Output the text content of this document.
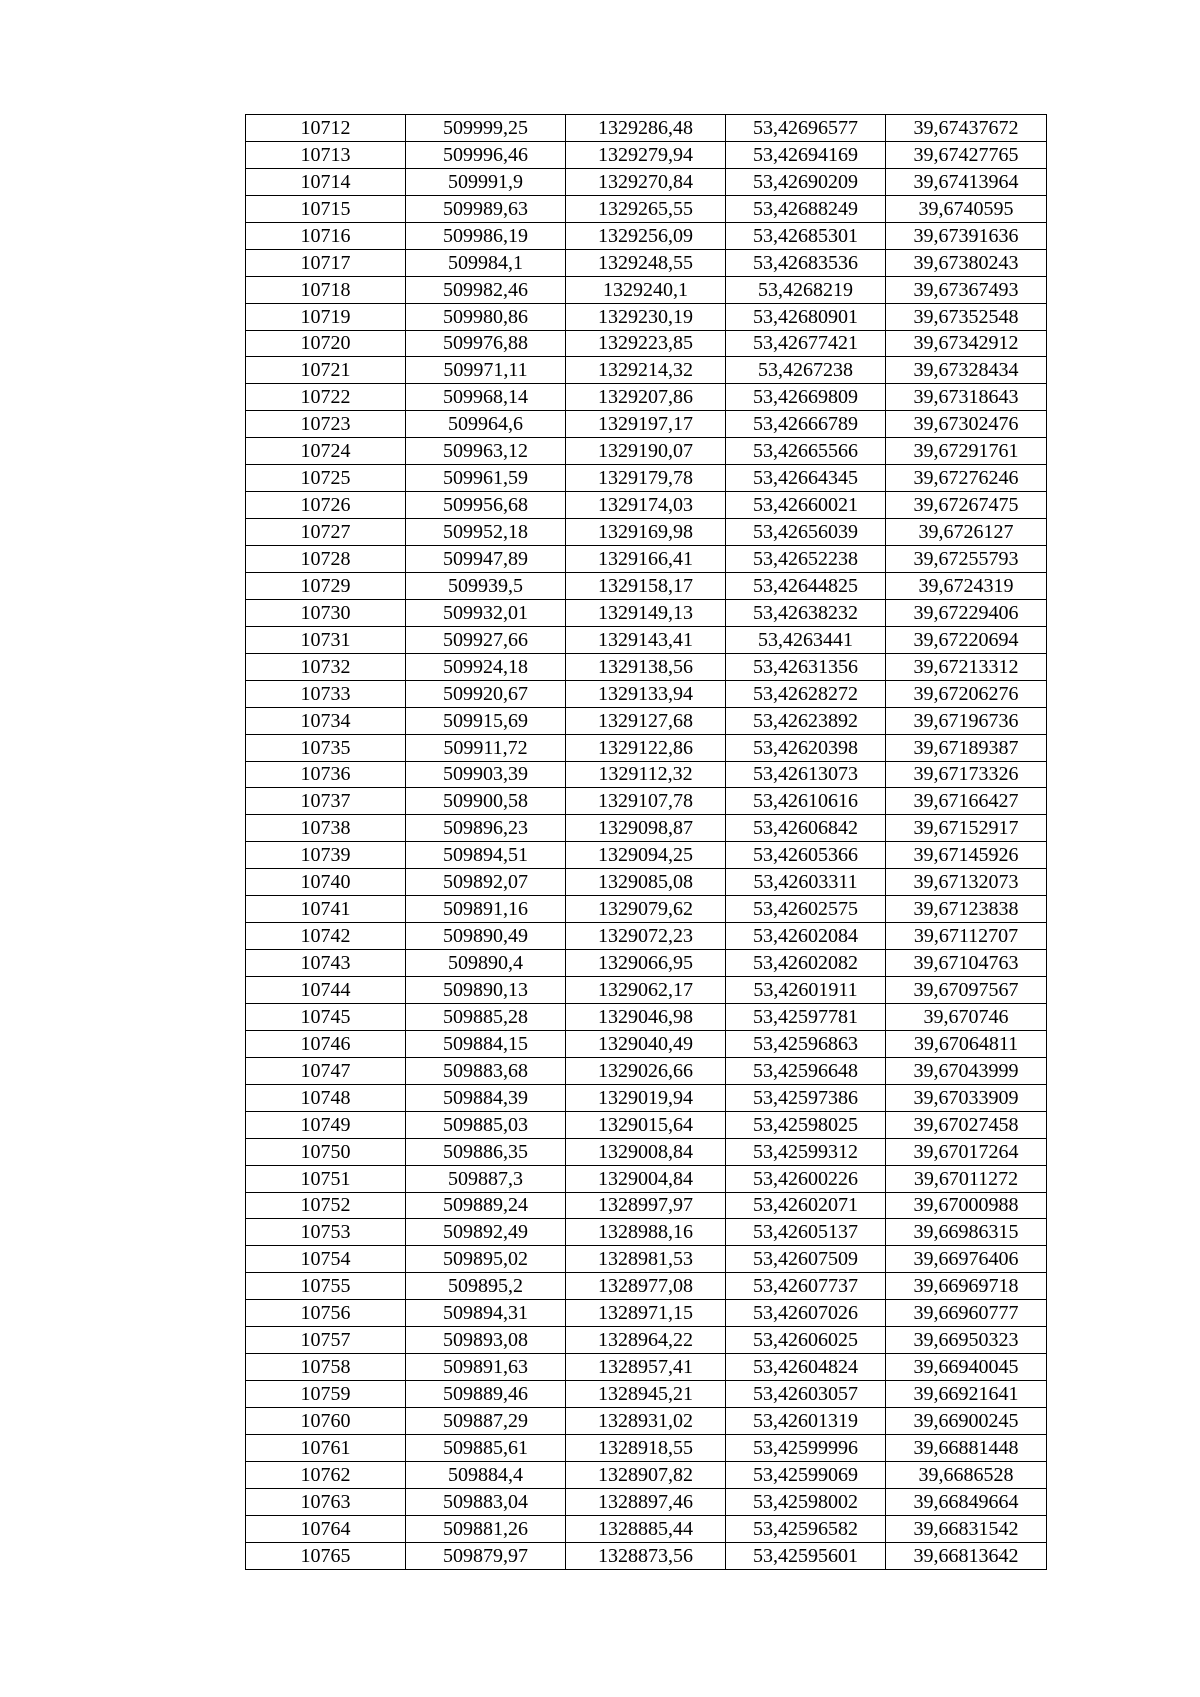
10712	509999,25	1329286,48	53,42696577	39,67437672
10713	509996,46	1329279,94	53,42694169	39,67427765
10714	509991,9	1329270,84	53,42690209	39,67413964
10715	509989,63	1329265,55	53,42688249	39,6740595
10716	509986,19	1329256,09	53,42685301	39,67391636
10717	509984,1	1329248,55	53,42683536	39,67380243
10718	509982,46	1329240,1	53,4268219	39,67367493
10719	509980,86	1329230,19	53,42680901	39,67352548
10720	509976,88	1329223,85	53,42677421	39,67342912
10721	509971,11	1329214,32	53,4267238	39,67328434
10722	509968,14	1329207,86	53,42669809	39,67318643
10723	509964,6	1329197,17	53,42666789	39,67302476
10724	509963,12	1329190,07	53,42665566	39,67291761
10725	509961,59	1329179,78	53,42664345	39,67276246
10726	509956,68	1329174,03	53,42660021	39,67267475
10727	509952,18	1329169,98	53,42656039	39,6726127
10728	509947,89	1329166,41	53,42652238	39,67255793
10729	509939,5	1329158,17	53,42644825	39,6724319
10730	509932,01	1329149,13	53,42638232	39,67229406
10731	509927,66	1329143,41	53,4263441	39,67220694
10732	509924,18	1329138,56	53,42631356	39,67213312
10733	509920,67	1329133,94	53,42628272	39,67206276
10734	509915,69	1329127,68	53,42623892	39,67196736
10735	509911,72	1329122,86	53,42620398	39,67189387
10736	509903,39	1329112,32	53,42613073	39,67173326
10737	509900,58	1329107,78	53,42610616	39,67166427
10738	509896,23	1329098,87	53,42606842	39,67152917
10739	509894,51	1329094,25	53,42605366	39,67145926
10740	509892,07	1329085,08	53,42603311	39,67132073
10741	509891,16	1329079,62	53,42602575	39,67123838
10742	509890,49	1329072,23	53,42602084	39,67112707
10743	509890,4	1329066,95	53,42602082	39,67104763
10744	509890,13	1329062,17	53,42601911	39,67097567
10745	509885,28	1329046,98	53,42597781	39,670746
10746	509884,15	1329040,49	53,42596863	39,67064811
10747	509883,68	1329026,66	53,42596648	39,67043999
10748	509884,39	1329019,94	53,42597386	39,67033909
10749	509885,03	1329015,64	53,42598025	39,67027458
10750	509886,35	1329008,84	53,42599312	39,67017264
10751	509887,3	1329004,84	53,42600226	39,67011272
10752	509889,24	1328997,97	53,42602071	39,67000988
10753	509892,49	1328988,16	53,42605137	39,66986315
10754	509895,02	1328981,53	53,42607509	39,66976406
10755	509895,2	1328977,08	53,42607737	39,66969718
10756	509894,31	1328971,15	53,42607026	39,66960777
10757	509893,08	1328964,22	53,42606025	39,66950323
10758	509891,63	1328957,41	53,42604824	39,66940045
10759	509889,46	1328945,21	53,42603057	39,66921641
10760	509887,29	1328931,02	53,42601319	39,66900245
10761	509885,61	1328918,55	53,42599996	39,66881448
10762	509884,4	1328907,82	53,42599069	39,6686528
10763	509883,04	1328897,46	53,42598002	39,66849664
10764	509881,26	1328885,44	53,42596582	39,66831542
10765	509879,97	1328873,56	53,42595601	39,66813642
